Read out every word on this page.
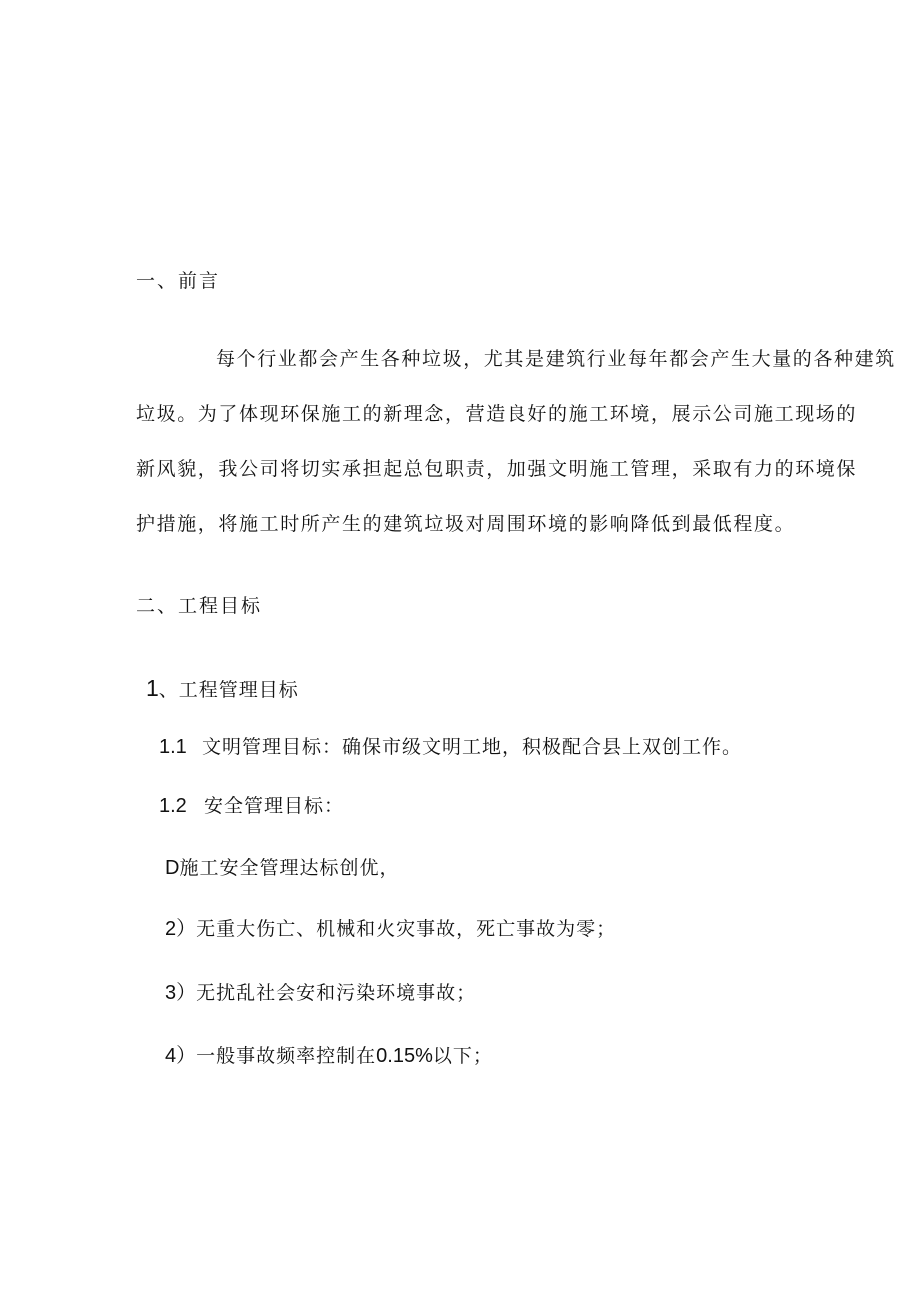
一、前言
每个行业都会产生各种垃圾，尤其是建筑行业每年都会产生大量的各种建筑
垃圾。为了体现环保施工的新理念，营造良好的施工环境，展示公司施工现场的
新风貌，我公司将切实承担起总包职责，加强文明施工管理，采取有力的环境保
护措施，将施工时所产生的建筑垃圾对周围环境的影响降低到最低程度。
二、工程目标
1、工程管理目标
1.1 文明管理目标：确保市级文明工地，积极配合县上双创工作。
1.2 安全管理目标：
D施工安全管理达标创优，
2）无重大伤亡、机械和火灾事故，死亡事故为零；
3）无扰乱社会安和污染环境事故；
4）一般事故频率控制在0.15%以下；
